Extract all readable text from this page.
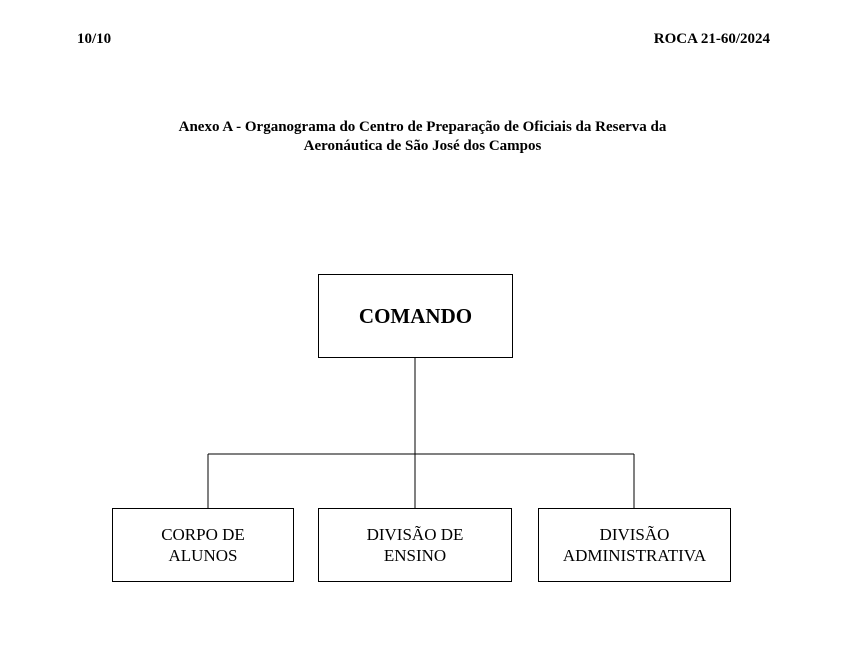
10/10	ROCA 21-60/2024
Anexo A - Organograma do Centro de Preparação de Oficiais da Reserva da
Aeronáutica de São José dos Campos
COMANDO
CORPO DE
ALUNOS
DIVISÃO DE
ENSINO
DIVISÃO
ADMINISTRATIVA
